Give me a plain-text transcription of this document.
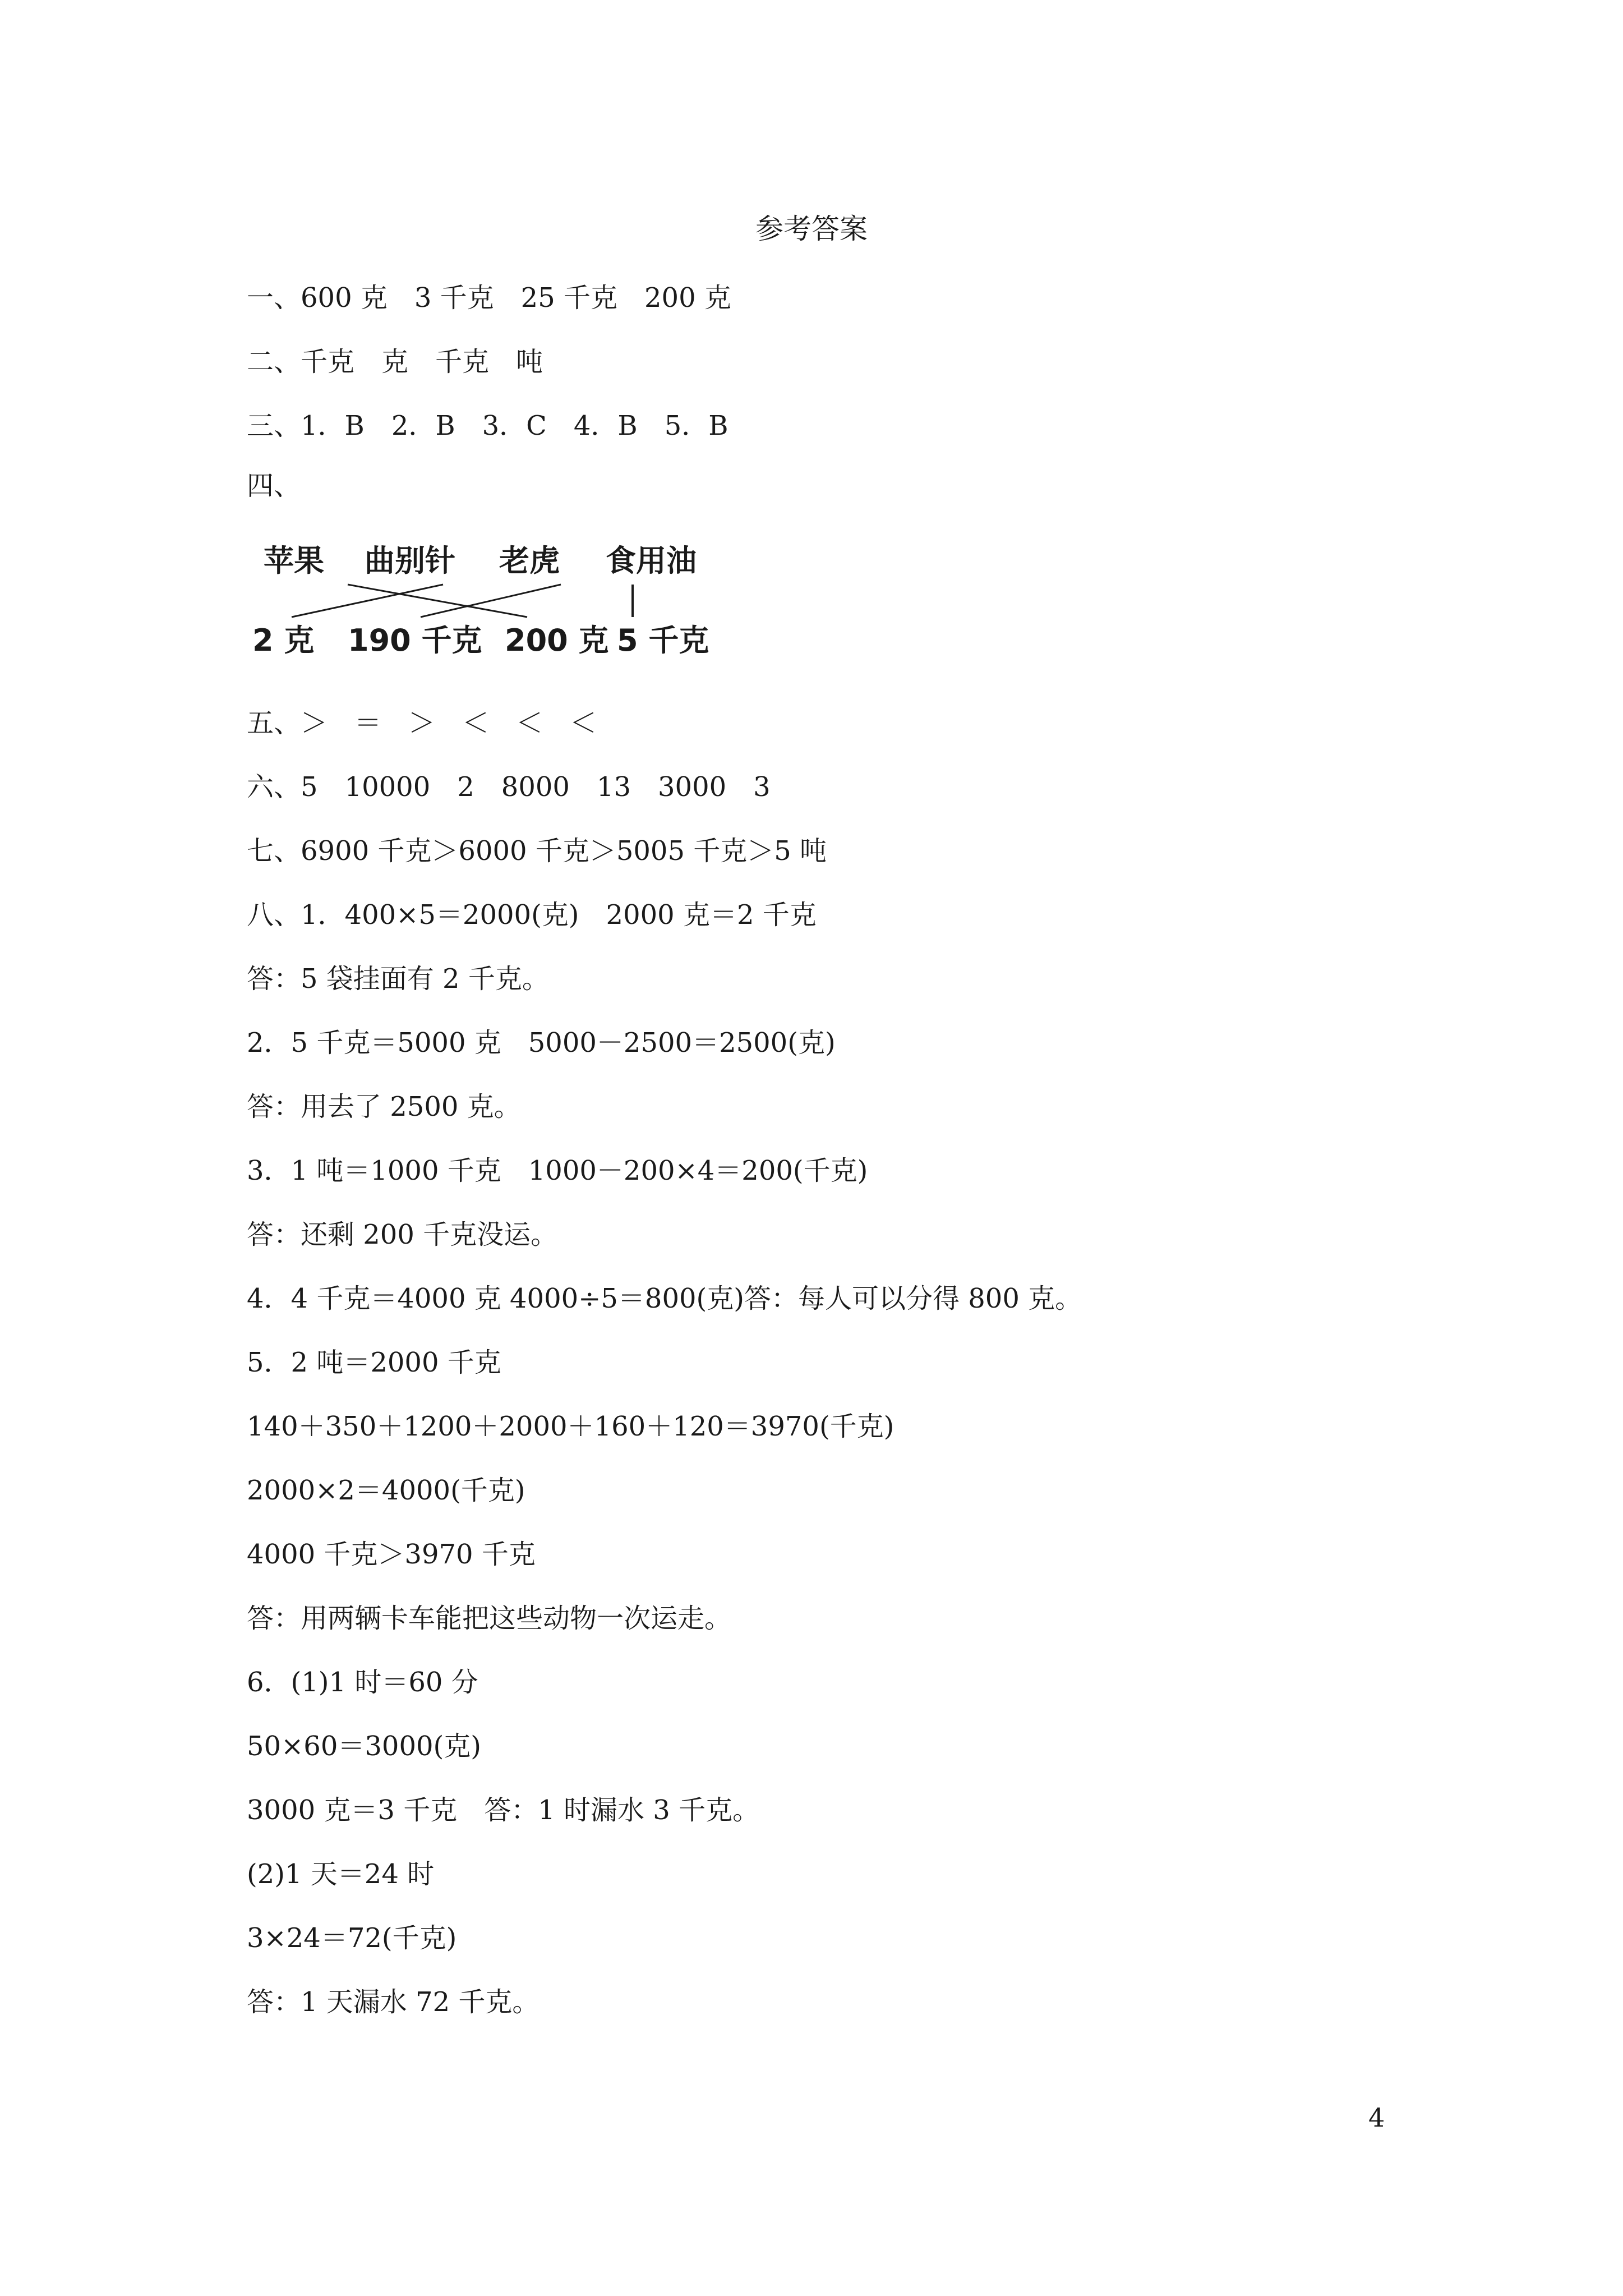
参考答案
一、600 克　3 千克　25 千克　200 克
二、千克　克　千克　吨
三、1．B　2．B　3．C　4．B　5．B
四、
苹果 曲别针 老虎 食用油
2 克 190 千克 200 克 5 千克
五、＞　＝　＞　＜　＜　＜
六、5　10000　2　8000　13　3000　3
七、6900 千克＞6000 千克＞5005 千克＞5 吨
八、1．400×5＝2000(克)　2000 克＝2 千克
答：5 袋挂面有 2 千克。
2．5 千克＝5000 克　5000－2500＝2500(克)
答：用去了 2500 克。
3．1 吨＝1000 千克　1000－200×4＝200(千克)
答：还剩 200 千克没运。
4．4 千克＝4000 克 4000÷5＝800(克)答：每人可以分得 800 克。
5．2 吨＝2000 千克
140＋350＋1200＋2000＋160＋120＝3970(千克)
2000×2＝4000(千克)
4000 千克＞3970 千克
答：用两辆卡车能把这些动物一次运走。
6．(1)1 时＝60 分
50×60＝3000(克)
3000 克＝3 千克　答：1 时漏水 3 千克。
(2)1 天＝24 时
3×24＝72(千克)
答：1 天漏水 72 千克。
4
